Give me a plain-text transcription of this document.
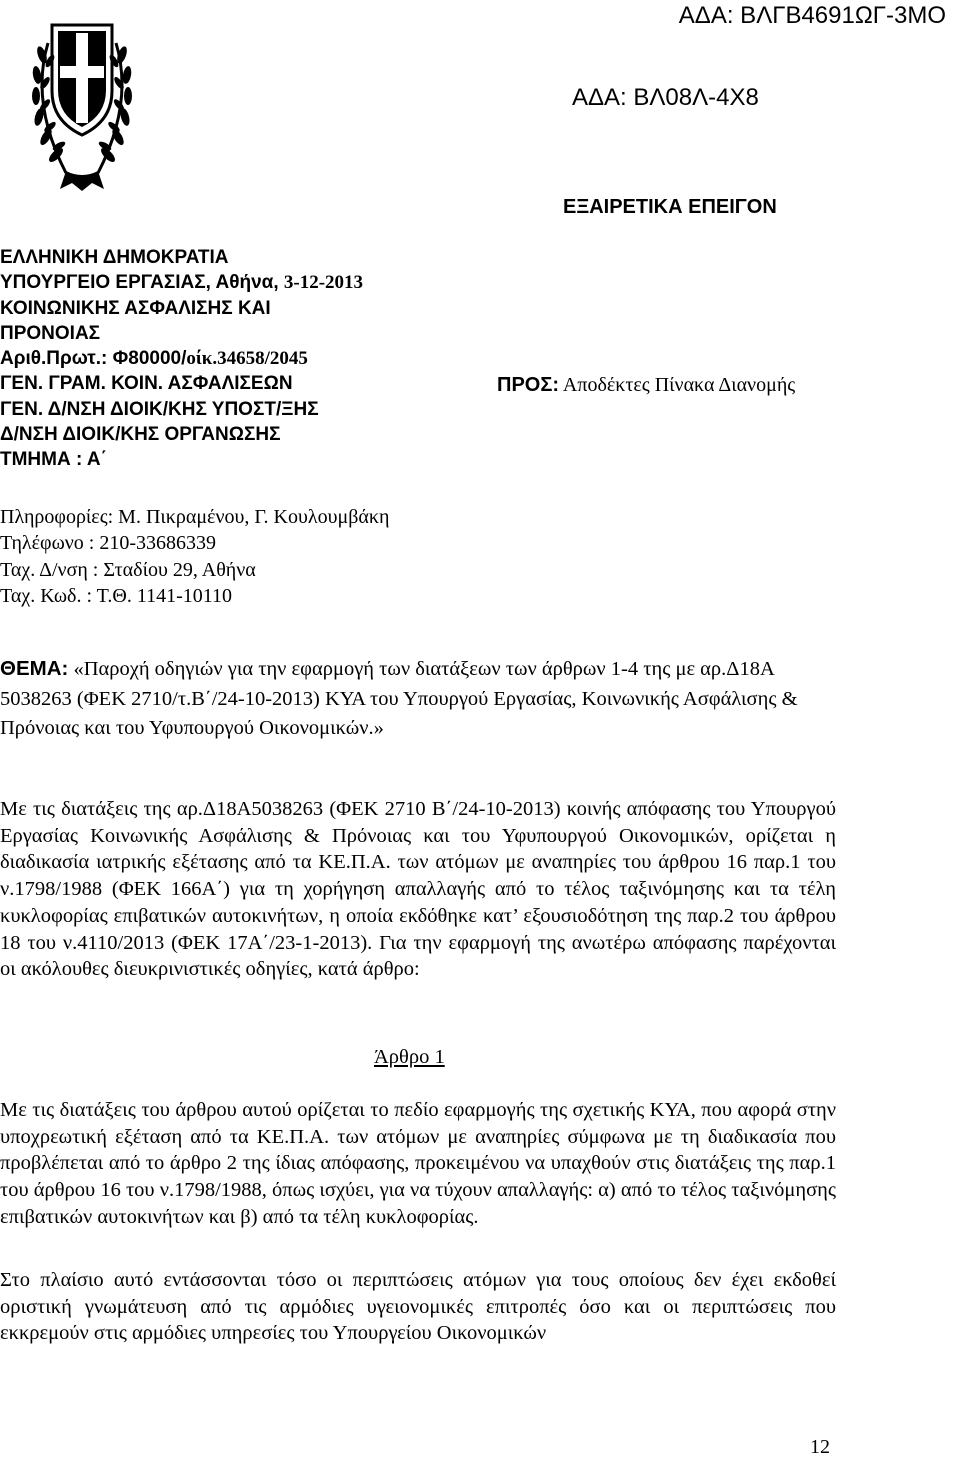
ΑΔΑ: ΒΛΓΒ4691ΩΓ-3ΜΟ
ΑΔΑ: ΒΛ08Λ-4Χ8
ΕΞΑΙΡΕΤΙΚΑ ΕΠΕΙΓΟΝ
ΕΛΛΗΝΙΚΗ ΔΗΜΟΚΡΑΤΙΑ
ΥΠΟΥΡΓΕΙΟ ΕΡΓΑΣΙΑΣ, Αθήνα, 3-12-2013
ΚΟΙΝΩΝΙΚΗΣ ΑΣΦΑΛΙΣΗΣ ΚΑΙ
ΠΡΟΝΟΙΑΣ
Αριθ.Πρωτ.: Φ80000/οίκ.34658/2045
ΓΕΝ. ΓΡΑΜ. ΚΟΙΝ. ΑΣΦΑΛΙΣΕΩΝ
ΓΕΝ. Δ/ΝΣΗ ΔΙΟΙΚ/ΚΗΣ ΥΠΟΣΤ/ΞΗΣ
Δ/ΝΣΗ ΔΙΟΙΚ/ΚΗΣ ΟΡΓΑΝΩΣΗΣ
ΤΜΗΜΑ : Α΄
ΠΡΟΣ: Αποδέκτες Πίνακα Διανομής
Πληροφορίες: Μ. Πικραμένου, Γ. Κουλουμβάκη
Τηλέφωνο : 210-33686339
Ταχ. Δ/νση : Σταδίου 29, Αθήνα
Ταχ. Κωδ. : Τ.Θ. 1141-10110
ΘΕΜΑ: «Παροχή οδηγιών για την εφαρμογή των διατάξεων των άρθρων 1-4 της με αρ.Δ18Α 5038263 (ΦΕΚ 2710/τ.Β΄/24-10-2013) ΚΥΑ του Υπουργού Εργασίας, Κοινωνικής Ασφάλισης & Πρόνοιας και του Υφυπουργού Οικονομικών.»
Με τις διατάξεις της αρ.Δ18Α5038263 (ΦΕΚ 2710 Β΄/24-10-2013) κοινής απόφασης του Υπουργού Εργασίας Κοινωνικής Ασφάλισης & Πρόνοιας και του Υφυπουργού Οικονομικών, ορίζεται η διαδικασία ιατρικής εξέτασης από τα ΚΕ.Π.Α. των ατόμων με αναπηρίες του άρθρου 16 παρ.1 του ν.1798/1988 (ΦΕΚ 166Α΄) για τη χορήγηση απαλλαγής από το τέλος ταξινόμησης και τα τέλη κυκλοφορίας επιβατικών αυτοκινήτων, η οποία εκδόθηκε κατ’ εξουσιοδότηση της παρ.2 του άρθρου 18 του ν.4110/2013 (ΦΕΚ 17Α΄/23-1-2013). Για την εφαρμογή της ανωτέρω απόφασης παρέχονται οι ακόλουθες διευκρινιστικές οδηγίες, κατά άρθρο:
Άρθρο 1
Με τις διατάξεις του άρθρου αυτού ορίζεται το πεδίο εφαρμογής της σχετικής ΚΥΑ, που αφορά στην υποχρεωτική εξέταση από τα ΚΕ.Π.Α. των ατόμων με αναπηρίες σύμφωνα με τη διαδικασία που προβλέπεται από το άρθρο 2 της ίδιας απόφασης, προκειμένου να υπαχθούν στις διατάξεις της παρ.1 του άρθρου 16 του ν.1798/1988, όπως ισχύει, για να τύχουν απαλλαγής: α) από το τέλος ταξινόμησης επιβατικών αυτοκινήτων και β) από τα τέλη κυκλοφορίας.
Στο πλαίσιο αυτό εντάσσονται τόσο οι περιπτώσεις ατόμων για τους οποίους δεν έχει εκδοθεί οριστική γνωμάτευση από τις αρμόδιες υγειονομικές επιτροπές όσο και οι περιπτώσεις που εκκρεμούν στις αρμόδιες υπηρεσίες του Υπουργείου Οικονομικών
12
